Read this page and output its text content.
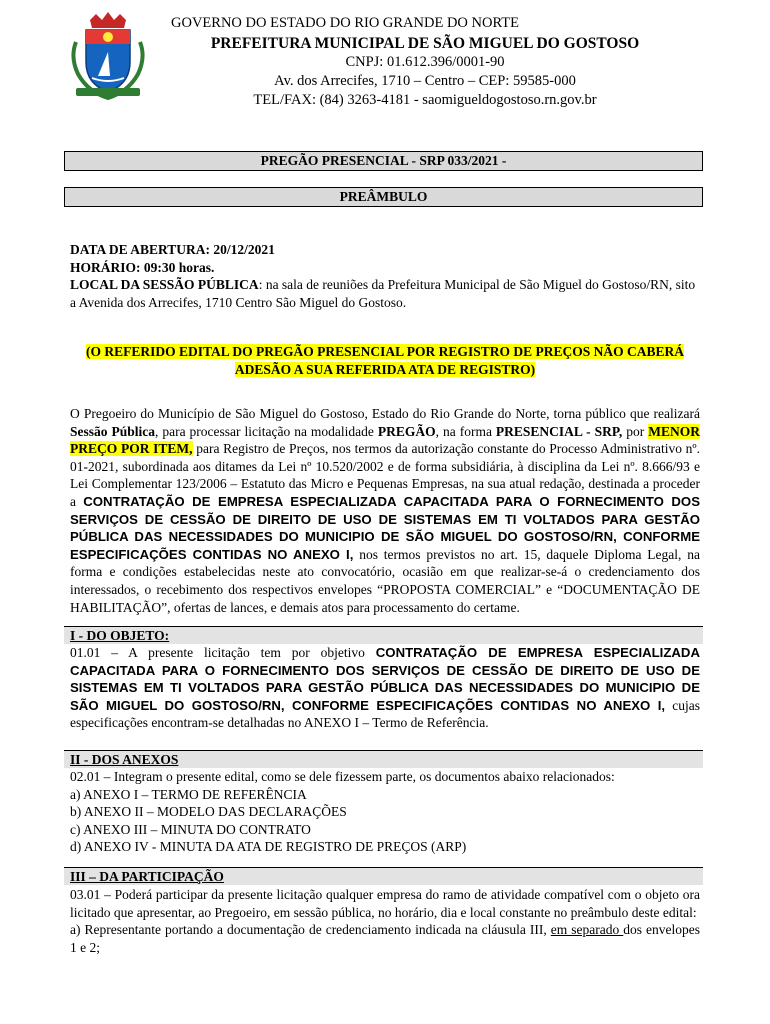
GOVERNO DO ESTADO DO RIO GRANDE DO NORTE
PREFEITURA MUNICIPAL DE SÃO MIGUEL DO GOSTOSO
CNPJ: 01.612.396/0001-90
Av. dos Arrecifes, 1710 – Centro – CEP: 59585-000
TEL/FAX: (84) 3263-4181 - saomigueldogostoso.rn.gov.br
PREGÃO PRESENCIAL - SRP 033/2021 -
PREÂMBULO

DATA DE ABERTURA: 20/12/2021

HORÁRIO: 09:30 horas.

LOCAL DA SESSÃO PÚBLICA: na sala de reuniões da Prefeitura Municipal de São Miguel do Gostoso/RN, sito a Avenida dos Arrecifes, 1710 Centro São Miguel do Gostoso.

(O REFERIDO EDITAL DO PREGÃO PRESENCIAL POR REGISTRO DE PREÇOS NÃO CABERÁ
ADESÃO A SUA REFERIDA ATA DE REGISTRO)

O Pregoeiro do Município de São Miguel do Gostoso, Estado do Rio Grande do Norte, torna público que realizará Sessão Pública, para processar licitação na modalidade PREGÃO, na forma PRESENCIAL - SRP, por MENOR PREÇO POR ITEM, para Registro de Preços, nos termos da autorização constante do Processo Administrativo nº. 01-2021, subordinada aos ditames da Lei nº 10.520/2002 e de forma subsidiária, à disciplina da Lei nº. 8.666/93 e Lei Complementar 123/2006 – Estatuto das Micro e Pequenas Empresas, na sua atual redação, destinada a proceder a CONTRATAÇÃO DE EMPRESA ESPECIALIZADA CAPACITADA PARA O FORNECIMENTO DOS SERVIÇOS DE CESSÃO DE DIREITO DE USO DE SISTEMAS EM TI VOLTADOS PARA GESTÃO PÚBLICA DAS NECESSIDADES DO MUNICIPIO DE SÃO MIGUEL DO GOSTOSO/RN, CONFORME ESPECIFICAÇÕES CONTIDAS NO ANEXO I, nos termos previstos no art. 15, daquele Diploma Legal, na forma e condições estabelecidas neste ato convocatório, ocasião em que realizar-se-á o credenciamento dos interessados, o recebimento dos respectivos envelopes “PROPOSTA COMERCIAL” e “DOCUMENTAÇÃO DE HABILITAÇÃO”, ofertas de lances, e demais atos para processamento do certame.

I - DO OBJETO:

01.01 – A presente licitação tem por objetivo CONTRATAÇÃO DE EMPRESA ESPECIALIZADA CAPACITADA PARA O FORNECIMENTO DOS SERVIÇOS DE CESSÃO DE DIREITO DE USO DE SISTEMAS EM TI VOLTADOS PARA GESTÃO PÚBLICA DAS NECESSIDADES DO MUNICIPIO DE SÃO MIGUEL DO GOSTOSO/RN, CONFORME ESPECIFICAÇÕES CONTIDAS NO ANEXO I, cujas especificações encontram-se detalhadas no ANEXO I – Termo de Referência.

II - DOS ANEXOS

02.01 – Integram o presente edital, como se dele fizessem parte, os documentos abaixo relacionados:

a) ANEXO I – TERMO DE REFERÊNCIA

b) ANEXO II – MODELO DAS DECLARAÇÕES

c) ANEXO III – MINUTA DO CONTRATO

d) ANEXO IV - MINUTA DA ATA DE REGISTRO DE PREÇOS (ARP)

III – DA PARTICIPAÇÃO

03.01 – Poderá participar da presente licitação qualquer empresa do ramo de atividade compatível com o objeto ora licitado que apresentar, ao Pregoeiro, em sessão pública, no horário, dia e local constante no preâmbulo deste edital:

a) Representante portando a documentação de credenciamento indicada na cláusula III, em separado dos envelopes 1 e 2;
